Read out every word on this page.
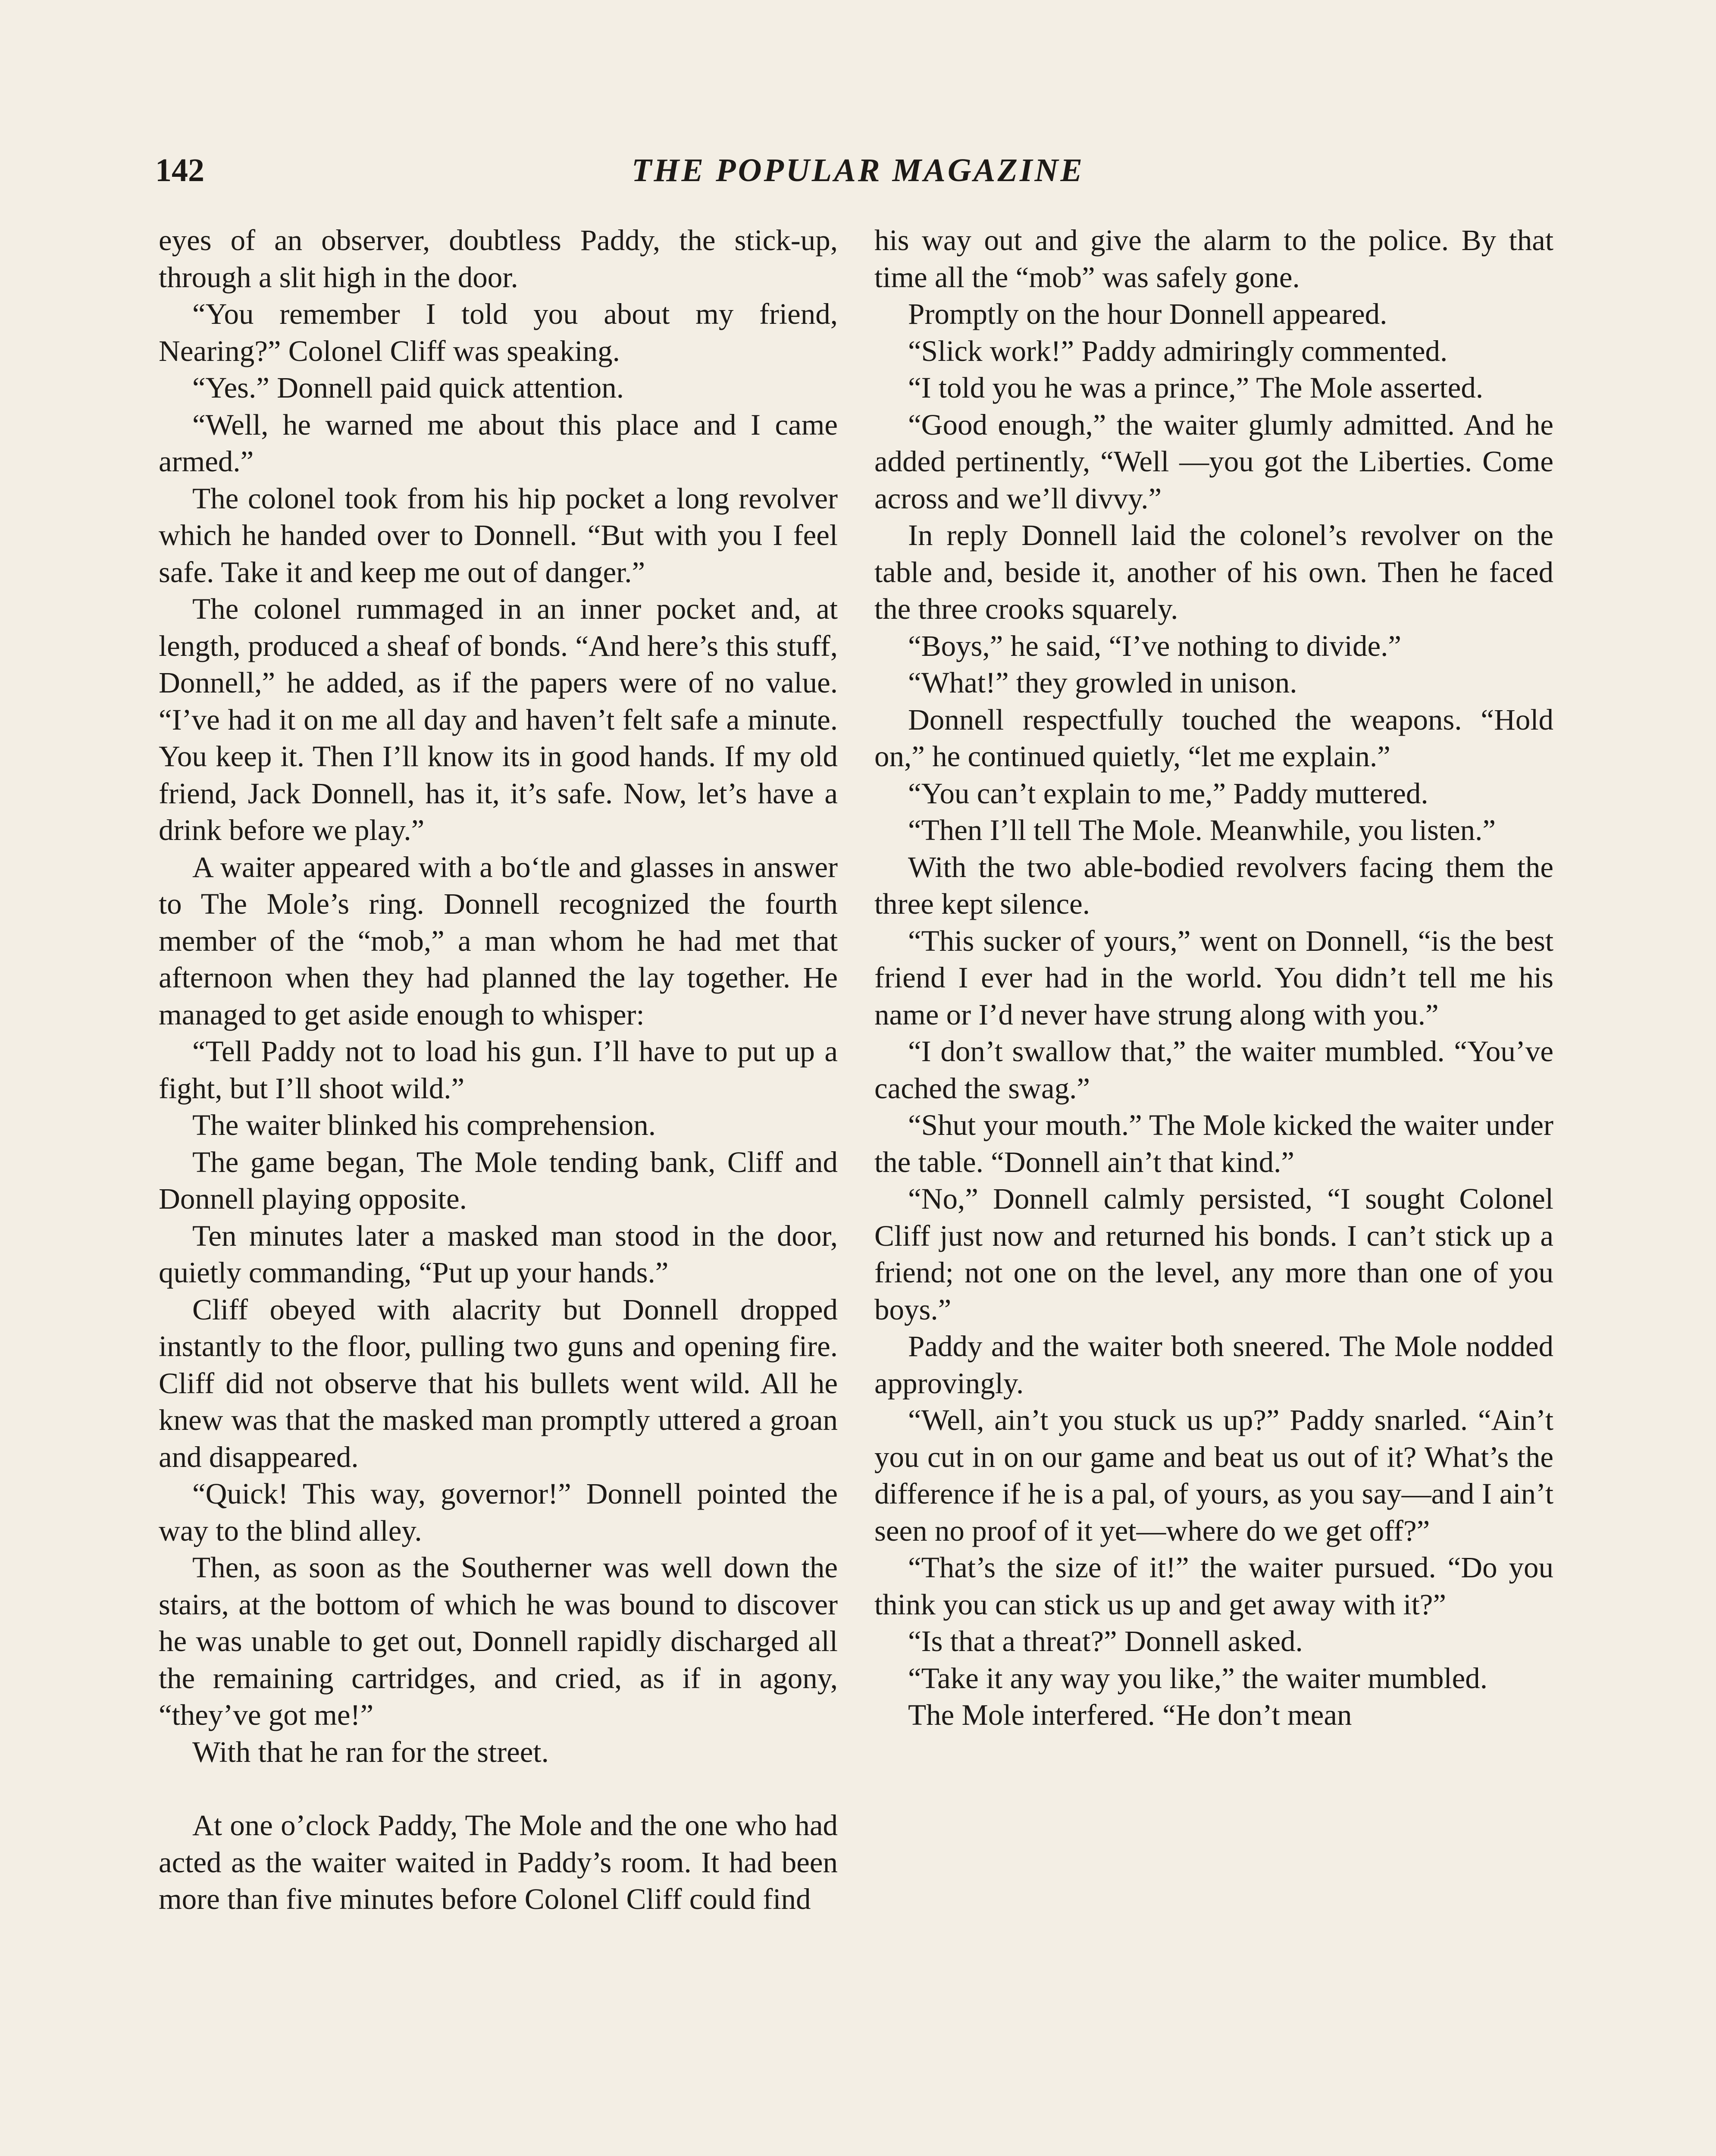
142	THE POPULAR MAGAZINE

eyes of an observer, doubtless Paddy, the stick-up, through a slit high in the door.

“You remember I told you about my friend, Nearing?” Colonel Cliff was speaking.

“Yes.” Donnell paid quick attention.

“Well, he warned me about this place and I came armed.”

The colonel took from his hip pocket a long revolver which he handed over to Donnell. “But with you I feel safe. Take it and keep me out of danger.”

The colonel rummaged in an inner pocket and, at length, produced a sheaf of bonds. “And here’s this stuff, Donnell,” he added, as if the papers were of no value. “I’ve had it on me all day and haven’t felt safe a minute. You keep it. Then I’ll know its in good hands. If my old friend, Jack Donnell, has it, it’s safe. Now, let’s have a drink before we play.”

A waiter appeared with a bo‘tle and glasses in answer to The Mole’s ring. Donnell recognized the fourth member of the “mob,” a man whom he had met that afternoon when they had planned the lay together. He managed to get aside enough to whisper:

“Tell Paddy not to load his gun. I’ll have to put up a fight, but I’ll shoot wild.”

The waiter blinked his comprehension.

The game began, The Mole tending bank, Cliff and Donnell playing opposite.

Ten minutes later a masked man stood in the door, quietly commanding, “Put up your hands.”

Cliff obeyed with alacrity but Donnell dropped instantly to the floor, pulling two guns and opening fire. Cliff did not observe that his bullets went wild. All he knew was that the masked man promptly uttered a groan and disappeared.

“Quick! This way, governor!” Donnell pointed the way to the blind alley.

Then, as soon as the Southerner was well down the stairs, at the bottom of which he was bound to discover he was unable to get out, Donnell rapidly discharged all the remaining cartridges, and cried, as if in agony, “they’ve got me!”

With that he ran for the street.

At one o’clock Paddy, The Mole and the one who had acted as the waiter waited in Paddy’s room. It had been more than five minutes before Colonel Cliff could find

his way out and give the alarm to the police. By that time all the “mob” was safely gone.

Promptly on the hour Donnell appeared.

“Slick work!” Paddy admiringly commented.

“I told you he was a prince,” The Mole asserted.

“Good enough,” the waiter glumly admitted. And he added pertinently, “Well —you got the Liberties. Come across and we’ll divvy.”

In reply Donnell laid the colonel’s revolver on the table and, beside it, another of his own. Then he faced the three crooks squarely.

“Boys,” he said, “I’ve nothing to divide.”

“What!” they growled in unison.

Donnell respectfully touched the weapons. “Hold on,” he continued quietly, “let me explain.”

“You can’t explain to me,” Paddy muttered.

“Then I’ll tell The Mole. Meanwhile, you listen.”

With the two able-bodied revolvers facing them the three kept silence.

“This sucker of yours,” went on Donnell, “is the best friend I ever had in the world. You didn’t tell me his name or I’d never have strung along with you.”

“I don’t swallow that,” the waiter mumbled. “You’ve cached the swag.”

“Shut your mouth.” The Mole kicked the waiter under the table. “Donnell ain’t that kind.”

“No,” Donnell calmly persisted, “I sought Colonel Cliff just now and returned his bonds. I can’t stick up a friend; not one on the level, any more than one of you boys.”

Paddy and the waiter both sneered. The Mole nodded approvingly.

“Well, ain’t you stuck us up?” Paddy snarled. “Ain’t you cut in on our game and beat us out of it? What’s the difference if he is a pal, of yours, as you say—and I ain’t seen no proof of it yet—where do we get off?”

“That’s the size of it!” the waiter pursued. “Do you think you can stick us up and get away with it?”

“Is that a threat?” Donnell asked.

“Take it any way you like,” the waiter mumbled.

The Mole interfered. “He don’t mean
